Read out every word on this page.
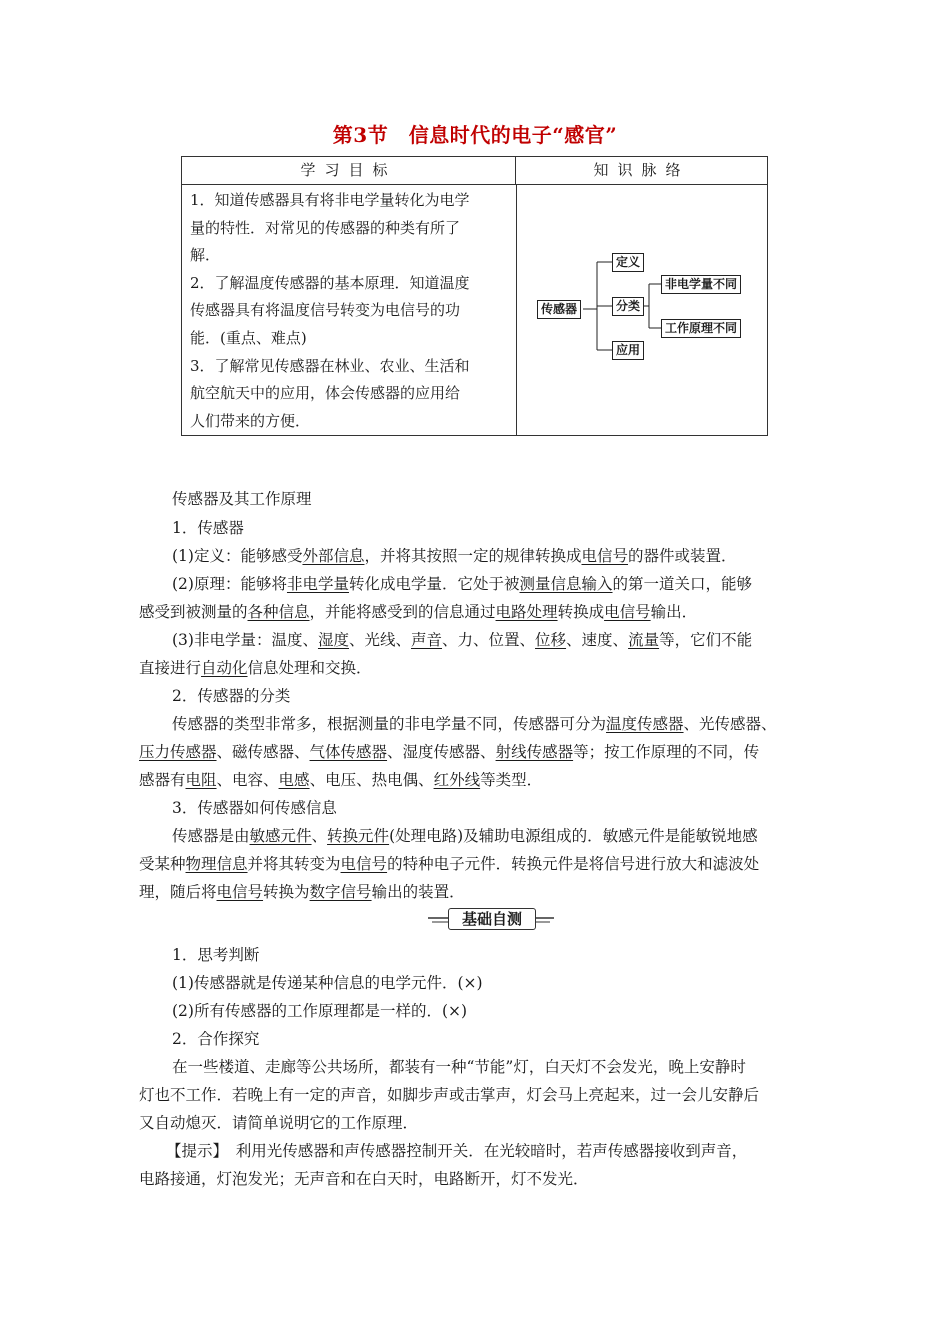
第3节　信息时代的电子“感官”
学习目标	知识脉络
1．知道传感器具有将非电学量转化为电学
量的特性．对常见的传感器的种类有所了
解．
2．了解温度传感器的基本原理．知道温度
传感器具有将温度信号转变为电信号的功
能．(重点、难点)
3．了解常见传感器在林业、农业、生活和
航空航天中的应用，体会传感器的应用给
人们带来的方便．
传感器
定义
分类
应用
非电学量不同
工作原理不同
传感器及其工作原理
1．传感器
(1)定义：能够感受外部信息，并将其按照一定的规律转换成电信号的器件或装置．
(2)原理：能够将非电学量转化成电学量．它处于被测量信息输入的第一道关口，能够
感受到被测量的各种信息，并能将感受到的信息通过电路处理转换成电信号输出．
(3)非电学量：温度、湿度、光线、声音、力、位置、位移、速度、流量等，它们不能
直接进行自动化信息处理和交换．
2．传感器的分类
传感器的类型非常多，根据测量的非电学量不同，传感器可分为温度传感器、光传感器、
压力传感器、磁传感器、气体传感器、湿度传感器、射线传感器等；按工作原理的不同，传
感器有电阻、电容、电感、电压、热电偶、红外线等类型．
3．传感器如何传感信息
传感器是由敏感元件、转换元件(处理电路)及辅助电源组成的．敏感元件是能敏锐地感
受某种物理信息并将其转变为电信号的特种电子元件．转换元件是将信号进行放大和滤波处
理，随后将电信号转换为数字信号输出的装置．
基础自测
1．思考判断
(1)传感器就是传递某种信息的电学元件．(×)
(2)所有传感器的工作原理都是一样的．(×)
2．合作探究
在一些楼道、走廊等公共场所，都装有一种“节能”灯，白天灯不会发光，晚上安静时
灯也不工作．若晚上有一定的声音，如脚步声或击掌声，灯会马上亮起来，过一会儿安静后
又自动熄灭．请简单说明它的工作原理．
【提示】　利用光传感器和声传感器控制开关．在光较暗时，若声传感器接收到声音，
电路接通，灯泡发光；无声音和在白天时，电路断开，灯不发光．
